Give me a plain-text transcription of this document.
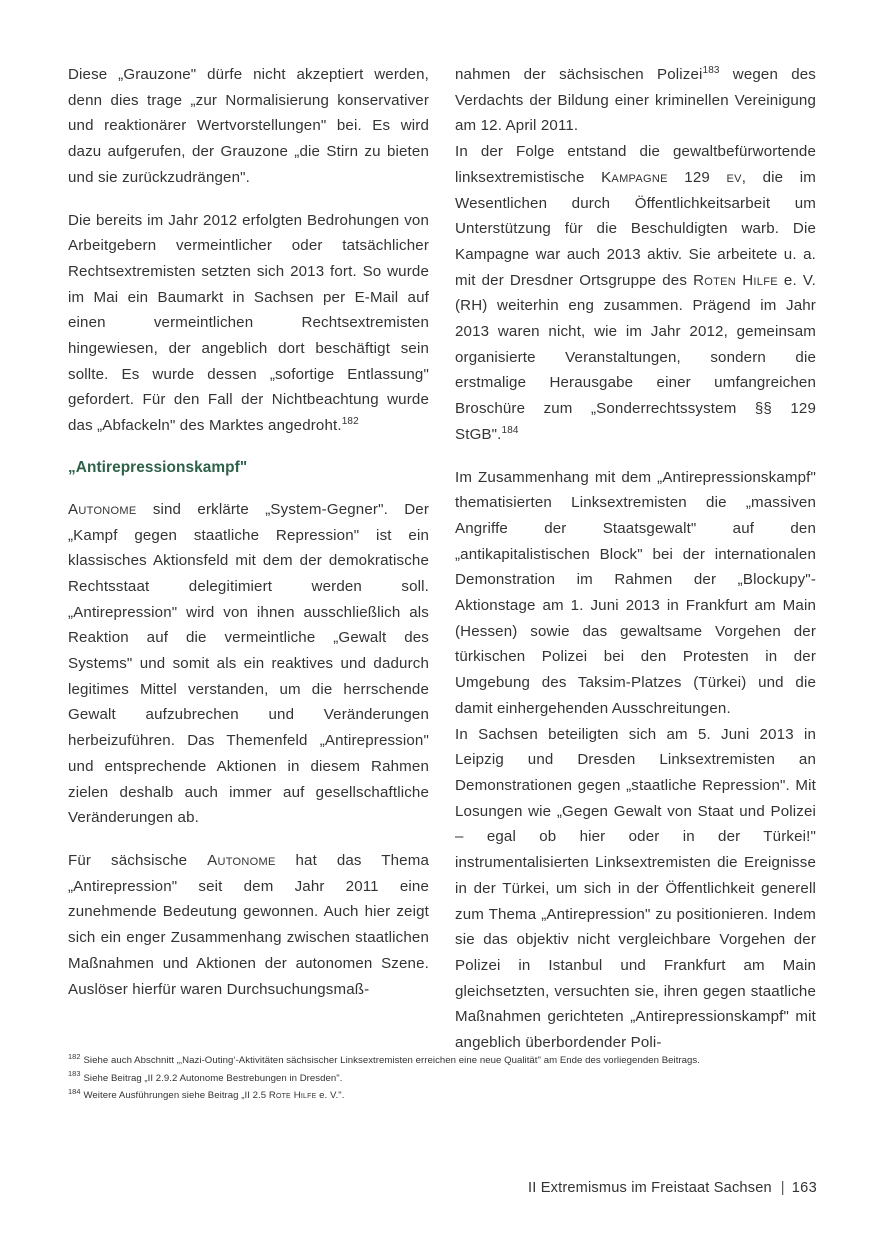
Diese „Grauzone" dürfe nicht akzeptiert werden, denn dies trage „zur Normalisierung konservativer und reaktionärer Wertvorstellungen" bei. Es wird dazu aufgerufen, der Grauzone „die Stirn zu bieten und sie zurückzudrängen".

Die bereits im Jahr 2012 erfolgten Bedrohungen von Arbeitgebern vermeintlicher oder tatsächlicher Rechtsextremisten setzten sich 2013 fort. So wurde im Mai ein Baumarkt in Sachsen per E-Mail auf einen vermeintlichen Rechtsextremisten hingewiesen, der angeblich dort beschäftigt sein sollte. Es wurde dessen „sofortige Entlassung" gefordert. Für den Fall der Nichtbeachtung wurde das „Abfackeln" des Marktes angedroht.$^{182}$

„Antirepressionskampf"

Autonome sind erklärte „System-Gegner". Der „Kampf gegen staatliche Repression" ist ein klassisches Aktionsfeld mit dem der demokratische Rechtsstaat delegitimiert werden soll. „Antirepression" wird von ihnen ausschließlich als Reaktion auf die vermeintliche „Gewalt des Systems" und somit als ein reaktives und dadurch legitimes Mittel verstanden, um die herrschende Gewalt aufzubrechen und Veränderungen herbeizuführen. Das Themenfeld „Antirepression" und entsprechende Aktionen in diesem Rahmen zielen deshalb auch immer auf gesellschaftliche Veränderungen ab.

Für sächsische Autonome hat das Thema „Antirepression" seit dem Jahr 2011 eine zunehmende Bedeutung gewonnen. Auch hier zeigt sich ein enger Zusammenhang zwischen staatlichen Maßnahmen und Aktionen der autonomen Szene. Auslöser hierfür waren Durchsuchungsmaß-

nahmen der sächsischen Polizei$^{183}$ wegen des Verdachts der Bildung einer kriminellen Vereinigung am 12. April 2011.

In der Folge entstand die gewaltbefürwortende linksextremistische Kampagne 129 ev, die im Wesentlichen durch Öffentlichkeitsarbeit um Unterstützung für die Beschuldigten warb. Die Kampagne war auch 2013 aktiv. Sie arbeitete u. a. mit der Dresdner Ortsgruppe des Roten Hilfe e. V. (RH) weiterhin eng zusammen. Prägend im Jahr 2013 waren nicht, wie im Jahr 2012, gemeinsam organisierte Veranstaltungen, sondern die erstmalige Herausgabe einer umfangreichen Broschüre zum „Sonderrechtssystem §§ 129 StGB".$^{184}$

Im Zusammenhang mit dem „Antirepressionskampf" thematisierten Linksextremisten die „massiven Angriffe der Staatsgewalt" auf den „antikapitalistischen Block" bei der internationalen Demonstration im Rahmen der „Blockupy"-Aktionstage am 1. Juni 2013 in Frankfurt am Main (Hessen) sowie das gewaltsame Vorgehen der türkischen Polizei bei den Protesten in der Umgebung des Taksim-Platzes (Türkei) und die damit einhergehenden Ausschreitungen.

In Sachsen beteiligten sich am 5. Juni 2013 in Leipzig und Dresden Linksextremisten an Demonstrationen gegen „staatliche Repression". Mit Losungen wie „Gegen Gewalt von Staat und Polizei – egal ob hier oder in der Türkei!" instrumentalisierten Linksextremisten die Ereignisse in der Türkei, um sich in der Öffentlichkeit generell zum Thema „Antirepression" zu positionieren. Indem sie das objektiv nicht vergleichbare Vorgehen der Polizei in Istanbul und Frankfurt am Main gleichsetzten, versuchten sie, ihren gegen staatliche Maßnahmen gerichteten „Antirepressionskampf" mit angeblich überbordender Poli-

$^{182}$ Siehe auch Abschnitt „‚Nazi-Outing‘-Aktivitäten sächsischer Linksextremisten erreichen eine neue Qualität" am Ende des vorliegenden Beitrags.
$^{183}$ Siehe Beitrag „II 2.9.2 Autonome Bestrebungen in Dresden".
$^{184}$ Weitere Ausführungen siehe Beitrag „II 2.5 Rote Hilfe e. V.".
II Extremismus im Freistaat Sachsen | 163
